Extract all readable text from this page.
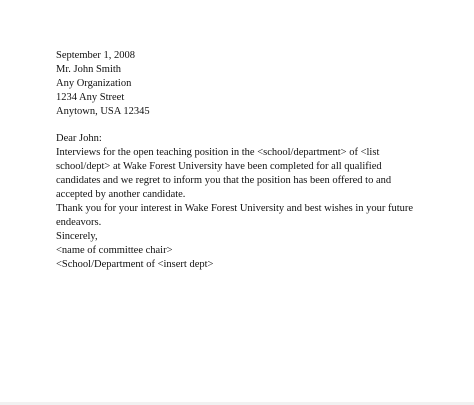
September 1, 2008

Mr. John Smith
Any Organization
1234 Any Street
Anytown, USA 12345

Dear John:

Interviews for the open teaching position in the <school/department> of <list school/dept> at Wake Forest University have been completed for all qualified candidates and we regret to inform you that the position has been offered to and accepted by another candidate.

Thank you for your interest in Wake Forest University and best wishes in your future endeavors.

Sincerely,

<name of committee chair>
<School/Department of <insert dept>
